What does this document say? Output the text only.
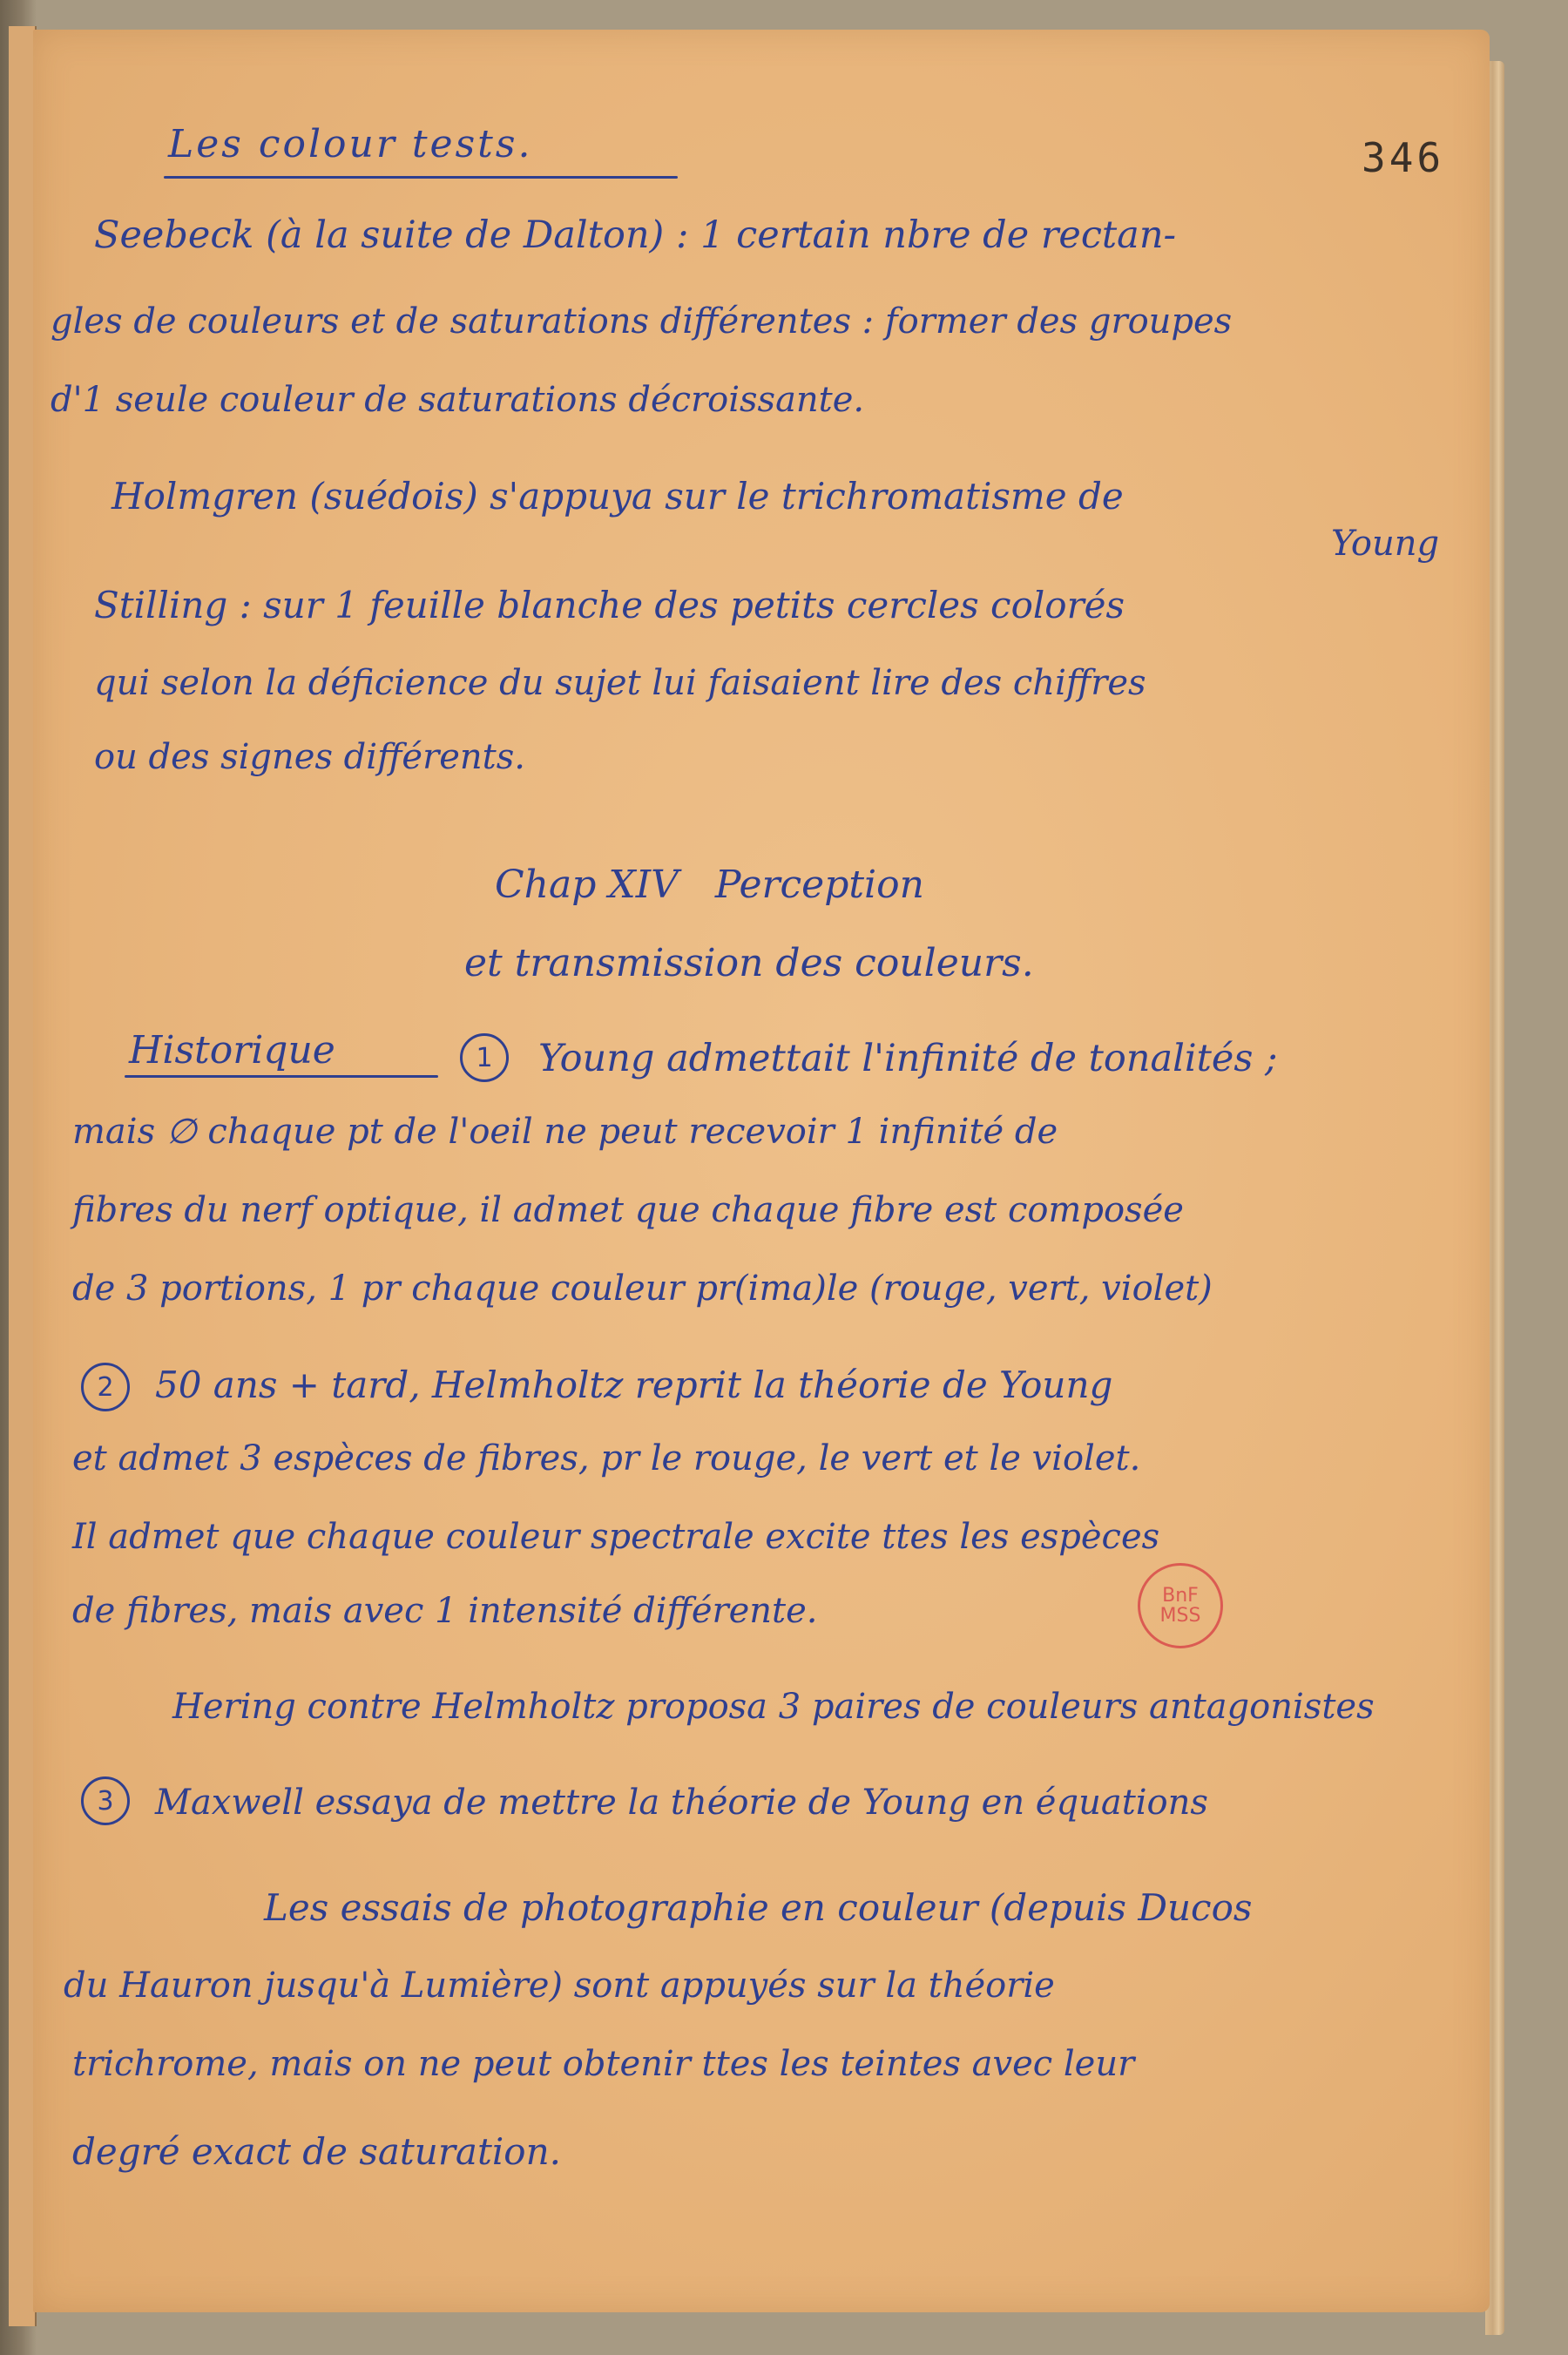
346
Les colour tests.
Seebeck (à la suite de Dalton) : 1 certain nbre de rectan-
gles de couleurs et de saturations différentes : former des groupes
d'1 seule couleur de saturations décroissante.
Holmgren (suédois) s'appuya sur le trichromatisme de
Young
Stilling : sur 1 feuille blanche des petits cercles colorés
qui selon la déficience du sujet lui faisaient lire des chiffres
ou des signes différents.
Chap XIV   Perception
et transmission des couleurs.
Historique	1	Young admettait l'infinité de tonalités ;
mais ∅ chaque pt de l'oeil ne peut recevoir 1 infinité de
fibres du nerf optique, il admet que chaque fibre est composée
de 3 portions, 1 pr chaque couleur pr(ima)le (rouge, vert, violet)
2	50 ans + tard, Helmholtz reprit la théorie de Young
et admet 3 espèces de fibres, pr le rouge, le vert et le violet.
Il admet que chaque couleur spectrale excite ttes les espèces
de fibres, mais avec 1 intensité différente.
Hering contre Helmholtz proposa 3 paires de couleurs antagonistes
3	Maxwell essaya de mettre la théorie de Young en équations
Les essais de photographie en couleur (depuis Ducos
du Hauron jusqu'à Lumière) sont appuyés sur la théorie
trichrome, mais on ne peut obtenir ttes les teintes avec leur
degré exact de saturation.
BnF
MSS
